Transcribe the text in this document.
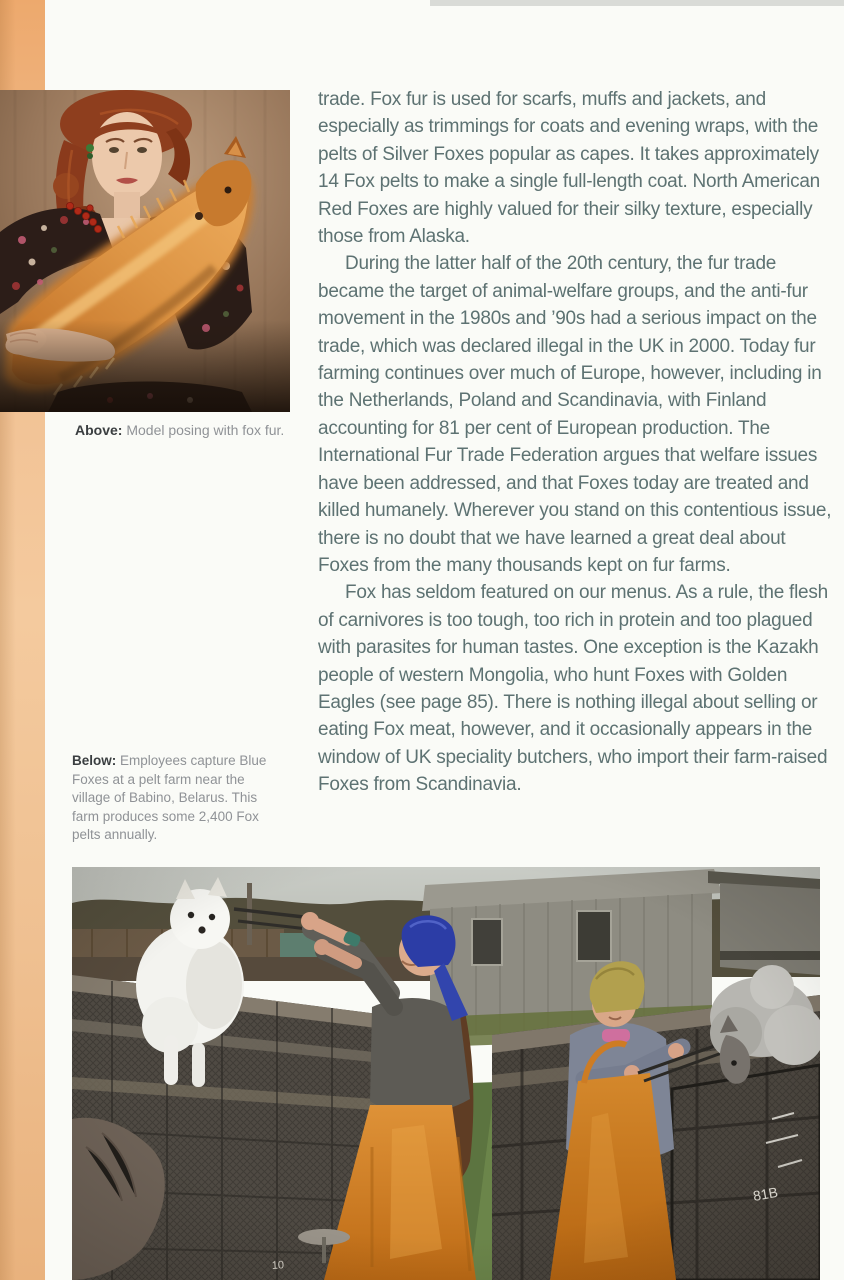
trade. Fox fur is used for scarfs, muffs and jackets, and especially as trimmings for coats and evening wraps, with the pelts of Silver Foxes popular as capes. It takes approximately 14 Fox pelts to make a single full-length coat. North American Red Foxes are highly valued for their silky texture, especially those from Alaska.

During the latter half of the 20th century, the fur trade became the target of animal-welfare groups, and the anti-fur movement in the 1980s and ’90s had a serious impact on the trade, which was declared illegal in the UK in 2000. Today fur farming continues over much of Europe, however, including in the Netherlands, Poland and Scandinavia, with Finland accounting for 81 per cent of European production. The International Fur Trade Federation argues that welfare issues have been addressed, and that Foxes today are treated and killed humanely. Wherever you stand on this contentious issue, there is no doubt that we have learned a great deal about Foxes from the many thousands kept on fur farms.

Fox has seldom featured on our menus. As a rule, the flesh of carnivores is too tough, too rich in protein and too plagued with parasites for human tastes. One exception is the Kazakh people of western Mongolia, who hunt Foxes with Golden Eagles (see page 85). There is nothing illegal about selling or eating Fox meat, however, and it occasionally appears in the window of UK speciality butchers, who import their farm-raised Foxes from Scandinavia.

Above: Model posing with fox fur.
Below: Employees capture Blue Foxes at a pelt farm near the village of Babino, Belarus. This farm produces some 2,400 Fox pelts annually.
